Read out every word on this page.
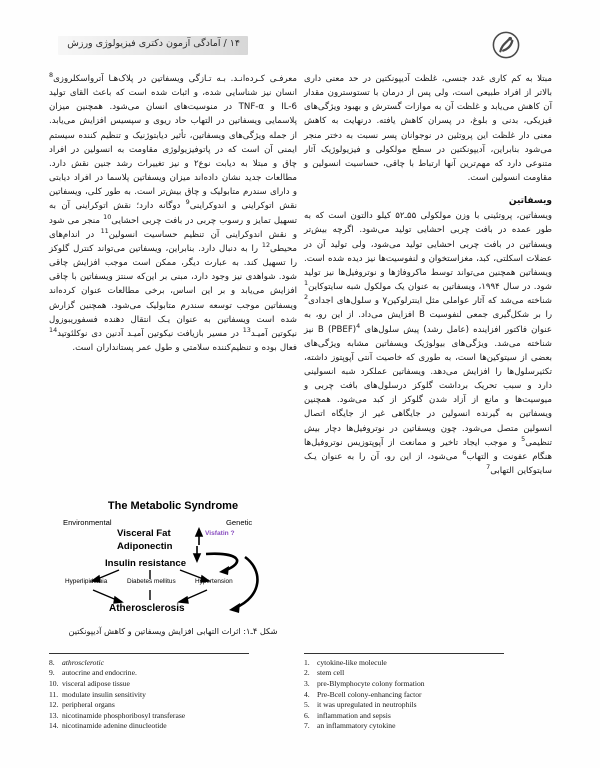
۱۴ / آمادگی آزمون دکتری فیزیولوژی ورزش

مبتلا به کم کاری غدد جنسی، غلظت آدیپونکتین در حد معنی داری بالاتر از افراد طبیعی است، ولی پس از درمان با تستوسترون مقدار آن کاهش می‌یابد و غلظت آن به موازات گسترش و بهبود ویژگی‌های فیزیکی، بدنی و بلوغ، در پسران کاهش یافته. درنهایت به کاهش معنی دار غلظت این پروتئین در نوجوانان پسر نسبت به دختر منجر می‌شود بنابراین، آدیپونکتین در سطح مولکولی و فیزیولوژیک آثار متنوعی دارد که مهم‌ترین آنها ارتباط با چاقی، حساسیت انسولین و مقاومت انسولین است.

ویسفاتین

ویسفاتین، پروتئینی با وزن مولکولی ۵۵ـ۵۲ کیلو دالتون است که به طور عمده در بافت چربی احشایی تولید می‌شود. اگرچه بیش‌تر ویسفاتین در بافت چربی احشایی تولید می‌شود، ولی تولید آن در عضلات اسکلتی، کبد، مغزاستخوان و لنفوسیت‌ها نیز دیده شده است. ویسفاتین همچنین می‌تواند توسط ماکروفاژها و نوتروفیل‌ها نیز تولید شود. در سال ۱۹۹۴، ویسفاتین به عنوان یک مولکول شبه سایتوکاین$^1$ شناخته می‌شد که آثار عواملی مثل اینترلوکین۷ و سلول‌های اجدادی$^2$ را بر شکل‌گیری جمعی لنفوسیت B افزایش می‌داد. از این رو، به عنوان فاکتور افزاینده (عامل رشد) پیش سلول‌های B (PBEF)$^4$ نیز شناخته می‌شد. ویژگی‌های بیولوژیک ویسفاتین مشابه ویژگی‌های بعضی از سیتوکین‌ها است، به طوری که خاصیت آنتی آپوپتوز داشته، تکثیرسلول‌ها را افزایش می‌دهد. ویسفاتین عملکرد شبه انسولینی دارد و سبب تحریک برداشت گلوکز درسلول‌های بافت چربی و میوسیت‌ها و مانع از آزاد شدن گلوکز از کبد می‌شود. همچنین ویسفاتین به گیرنده انسولین در جایگاهی غیر از جایگاه اتصال انسولین متصل می‌شود. چون ویسفاتین در نوتروفیل‌ها دچار بیش تنظیمی$^5$ و موجب ایجاد تاخیر و ممانعت از آپوپتوزیس نوتروفیل‌ها هنگام عفونت و التهاب$^6$ می‌شود، از این رو، آن را به عنوان یـک سایتوکاین التهابی$^7$

معرفـی کـرده‌انـد. بـه تـازگی ویسفاتین در پلاک‌هـا آترواسکلروزی$^8$ انسان نیز شناسایی شده، و اثبات شده است که باعث القای تولید IL-6 و TNF-α در منوسیت‌های انسان می‌شود. همچنین میزان پلاسمایی ویسفاتین در التهاب حاد ریوی و سپسیس افزایش می‌یابد. از جمله ویژگی‌های ویسفاتین، تأثیر دیابتوژنیک و تنظیم کننده سیستم ایمنی آن است که در پاتوفیزیولوژی مقاومت به انسولین در افراد چاق و مبتلا به دیابت نوع۲ و نیز تغییرات رشد جنین نقش دارد. مطالعات جدید نشان داده‌اند میزان ویسفاتین پلاسما در افراد دیابتی و دارای سندرم متابولیک و چاق بیش‌تر است. به طور کلی، ویسفاتین نقش اتوکراینی و اندوکراینی$^9$ دوگانه دارد؛ نقش اتوکراینی آن به تسهیل تمایز و رسوب چربی در بافت چربی احشایی$^{10}$ منجر می شود و نقش اندوکراینی آن تنظیم حساسیت انسولین$^{11}$ در اندام‌های محیطی$^{12}$ را به دنبال دارد. بنابراین، ویسفاتین می‌تواند کنترل گلوکز را تسهیل کند. به عبارت دیگر، ممکن است موجب افزایش چاقی شود. شواهدی نیز وجود دارد، مبنی بر این‌که سنتز ویسفاتین با چاقی افزایش می‌یابد و بر این اساس، برخی مطالعات عنوان کرده‌اند ویسفاتین موجب توسعه سندرم متابولیک می‌شود. همچنین گزارش شده است ویسفاتین به عنوان یـک انتقال دهنده فسفوریبوزول نیکوتین آمیـد$^{13}$ در مسیر بازیافت نیکوتین آمیـد آدنین دی نوکلئوتید$^{14}$ فعال بوده و تنظیم‌کننده سلامتی و طول عمر پستانداران است.

The Metabolic Syndrome
Environmental	Genetic
Visceral Fat
Adiponectin
Visfatin ?
Insulin resistance
Hyperlipidemia	Diabetes mellitus	Hypertension
Atherosclerosis
شکل ۴ـ۱: اثرات التهابی افزایش ویسفاتین و کاهش آدیپونکتین
8. athrosclerotic
9. autocrine and endocrine.
10. visceral adipose tissue
11. modulate insulin sensitivity
12. peripheral organs
13. nicotinamide phosphoribosyl transferase
14. nicotinamide adenine dinucleotide
1. cytokine-like molecule
2. stem cell
3. pre-Blymphocyte colony formation
4. Pre-Bcell colony-enhancing factor
5. it was upregulated in neutrophils
6. inflammation and sepsis
7. an inflammatory cytokine
